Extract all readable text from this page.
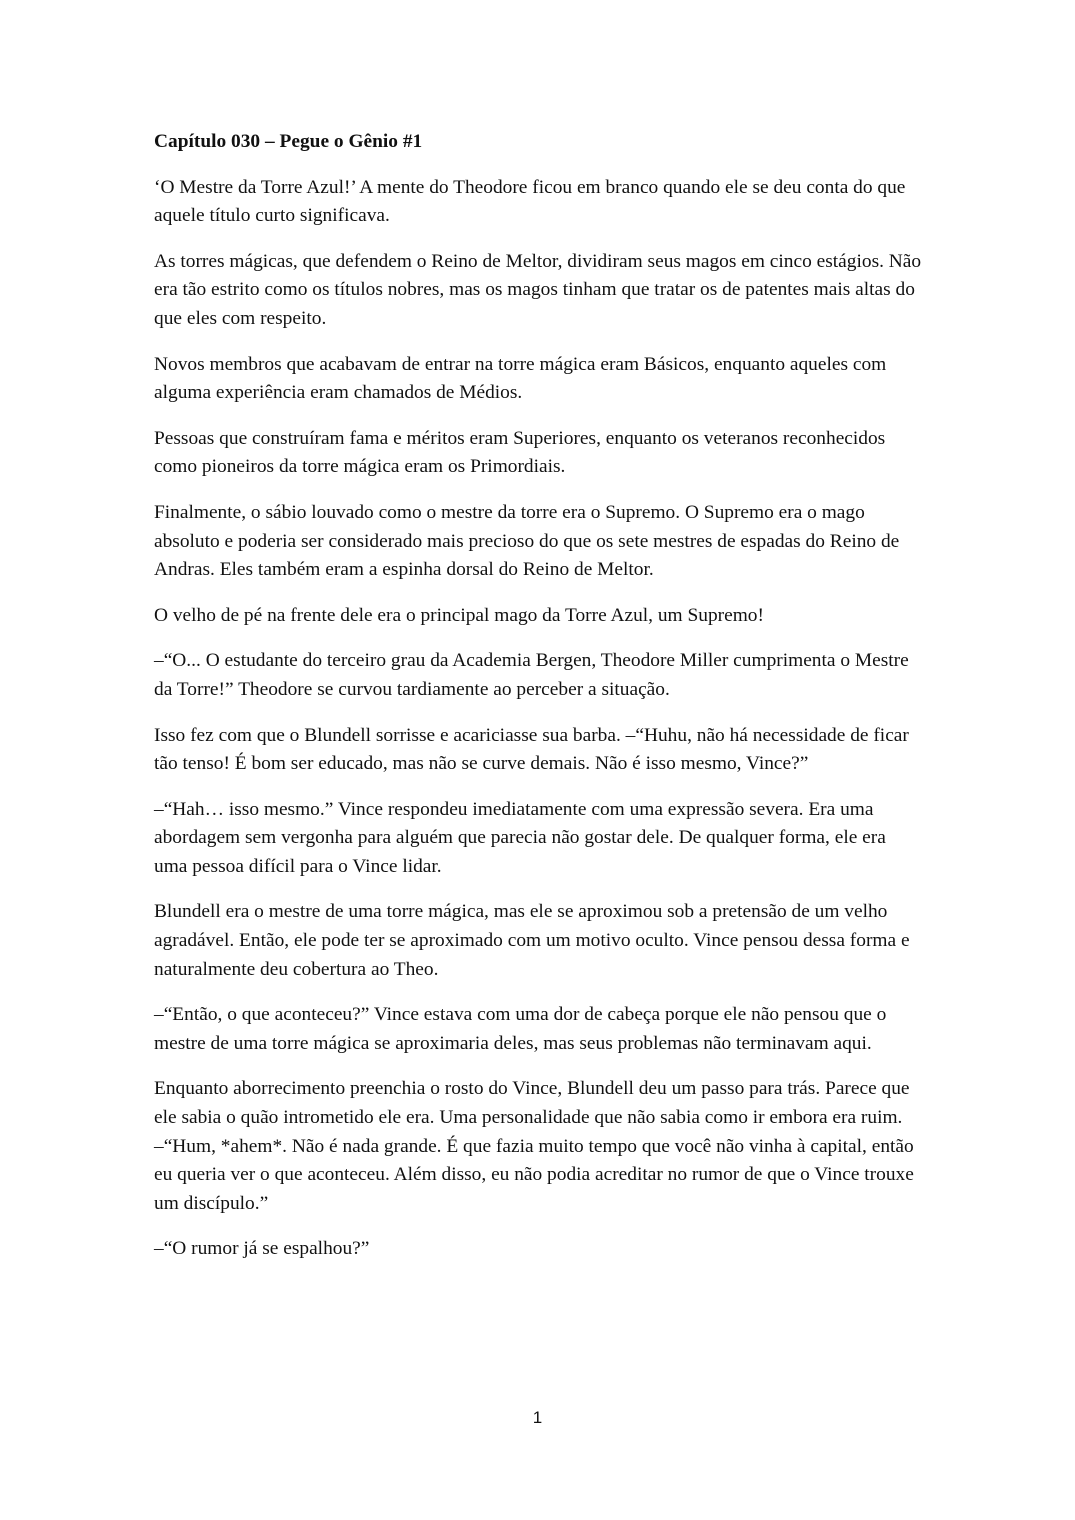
Capítulo 030 – Pegue o Gênio #1

‘O Mestre da Torre Azul!’ A mente do Theodore ficou em branco quando ele se deu conta do que aquele título curto significava.

As torres mágicas, que defendem o Reino de Meltor, dividiram seus magos em cinco estágios. Não era tão estrito como os títulos nobres, mas os magos tinham que tratar os de patentes mais altas do que eles com respeito.

Novos membros que acabavam de entrar na torre mágica eram Básicos, enquanto aqueles com alguma experiência eram chamados de Médios.

Pessoas que construíram fama e méritos eram Superiores, enquanto os veteranos reconhecidos como pioneiros da torre mágica eram os Primordiais.

Finalmente, o sábio louvado como o mestre da torre era o Supremo. O Supremo era o mago absoluto e poderia ser considerado mais precioso do que os sete mestres de espadas do Reino de Andras. Eles também eram a espinha dorsal do Reino de Meltor.

O velho de pé na frente dele era o principal mago da Torre Azul, um Supremo!

–“O... O estudante do terceiro grau da Academia Bergen, Theodore Miller cumprimenta o Mestre da Torre!” Theodore se curvou tardiamente ao perceber a situação.

Isso fez com que o Blundell sorrisse e acariciasse sua barba. –“Huhu, não há necessidade de ficar tão tenso! É bom ser educado, mas não se curve demais. Não é isso mesmo, Vince?”

–“Hah… isso mesmo.” Vince respondeu imediatamente com uma expressão severa. Era uma abordagem sem vergonha para alguém que parecia não gostar dele. De qualquer forma, ele era uma pessoa difícil para o Vince lidar.

Blundell era o mestre de uma torre mágica, mas ele se aproximou sob a pretensão de um velho agradável. Então, ele pode ter se aproximado com um motivo oculto. Vince pensou dessa forma e naturalmente deu cobertura ao Theo.

–“Então, o que aconteceu?” Vince estava com uma dor de cabeça porque ele não pensou que o mestre de uma torre mágica se aproximaria deles, mas seus problemas não terminavam aqui.

Enquanto aborrecimento preenchia o rosto do Vince, Blundell deu um passo para trás. Parece que ele sabia o quão intrometido ele era. Uma personalidade que não sabia como ir embora era ruim. –“Hum, *ahem*. Não é nada grande. É que fazia muito tempo que você não vinha à capital, então eu queria ver o que aconteceu. Além disso, eu não podia acreditar no rumor de que o Vince trouxe um discípulo.”

–“O rumor já se espalhou?”

1
